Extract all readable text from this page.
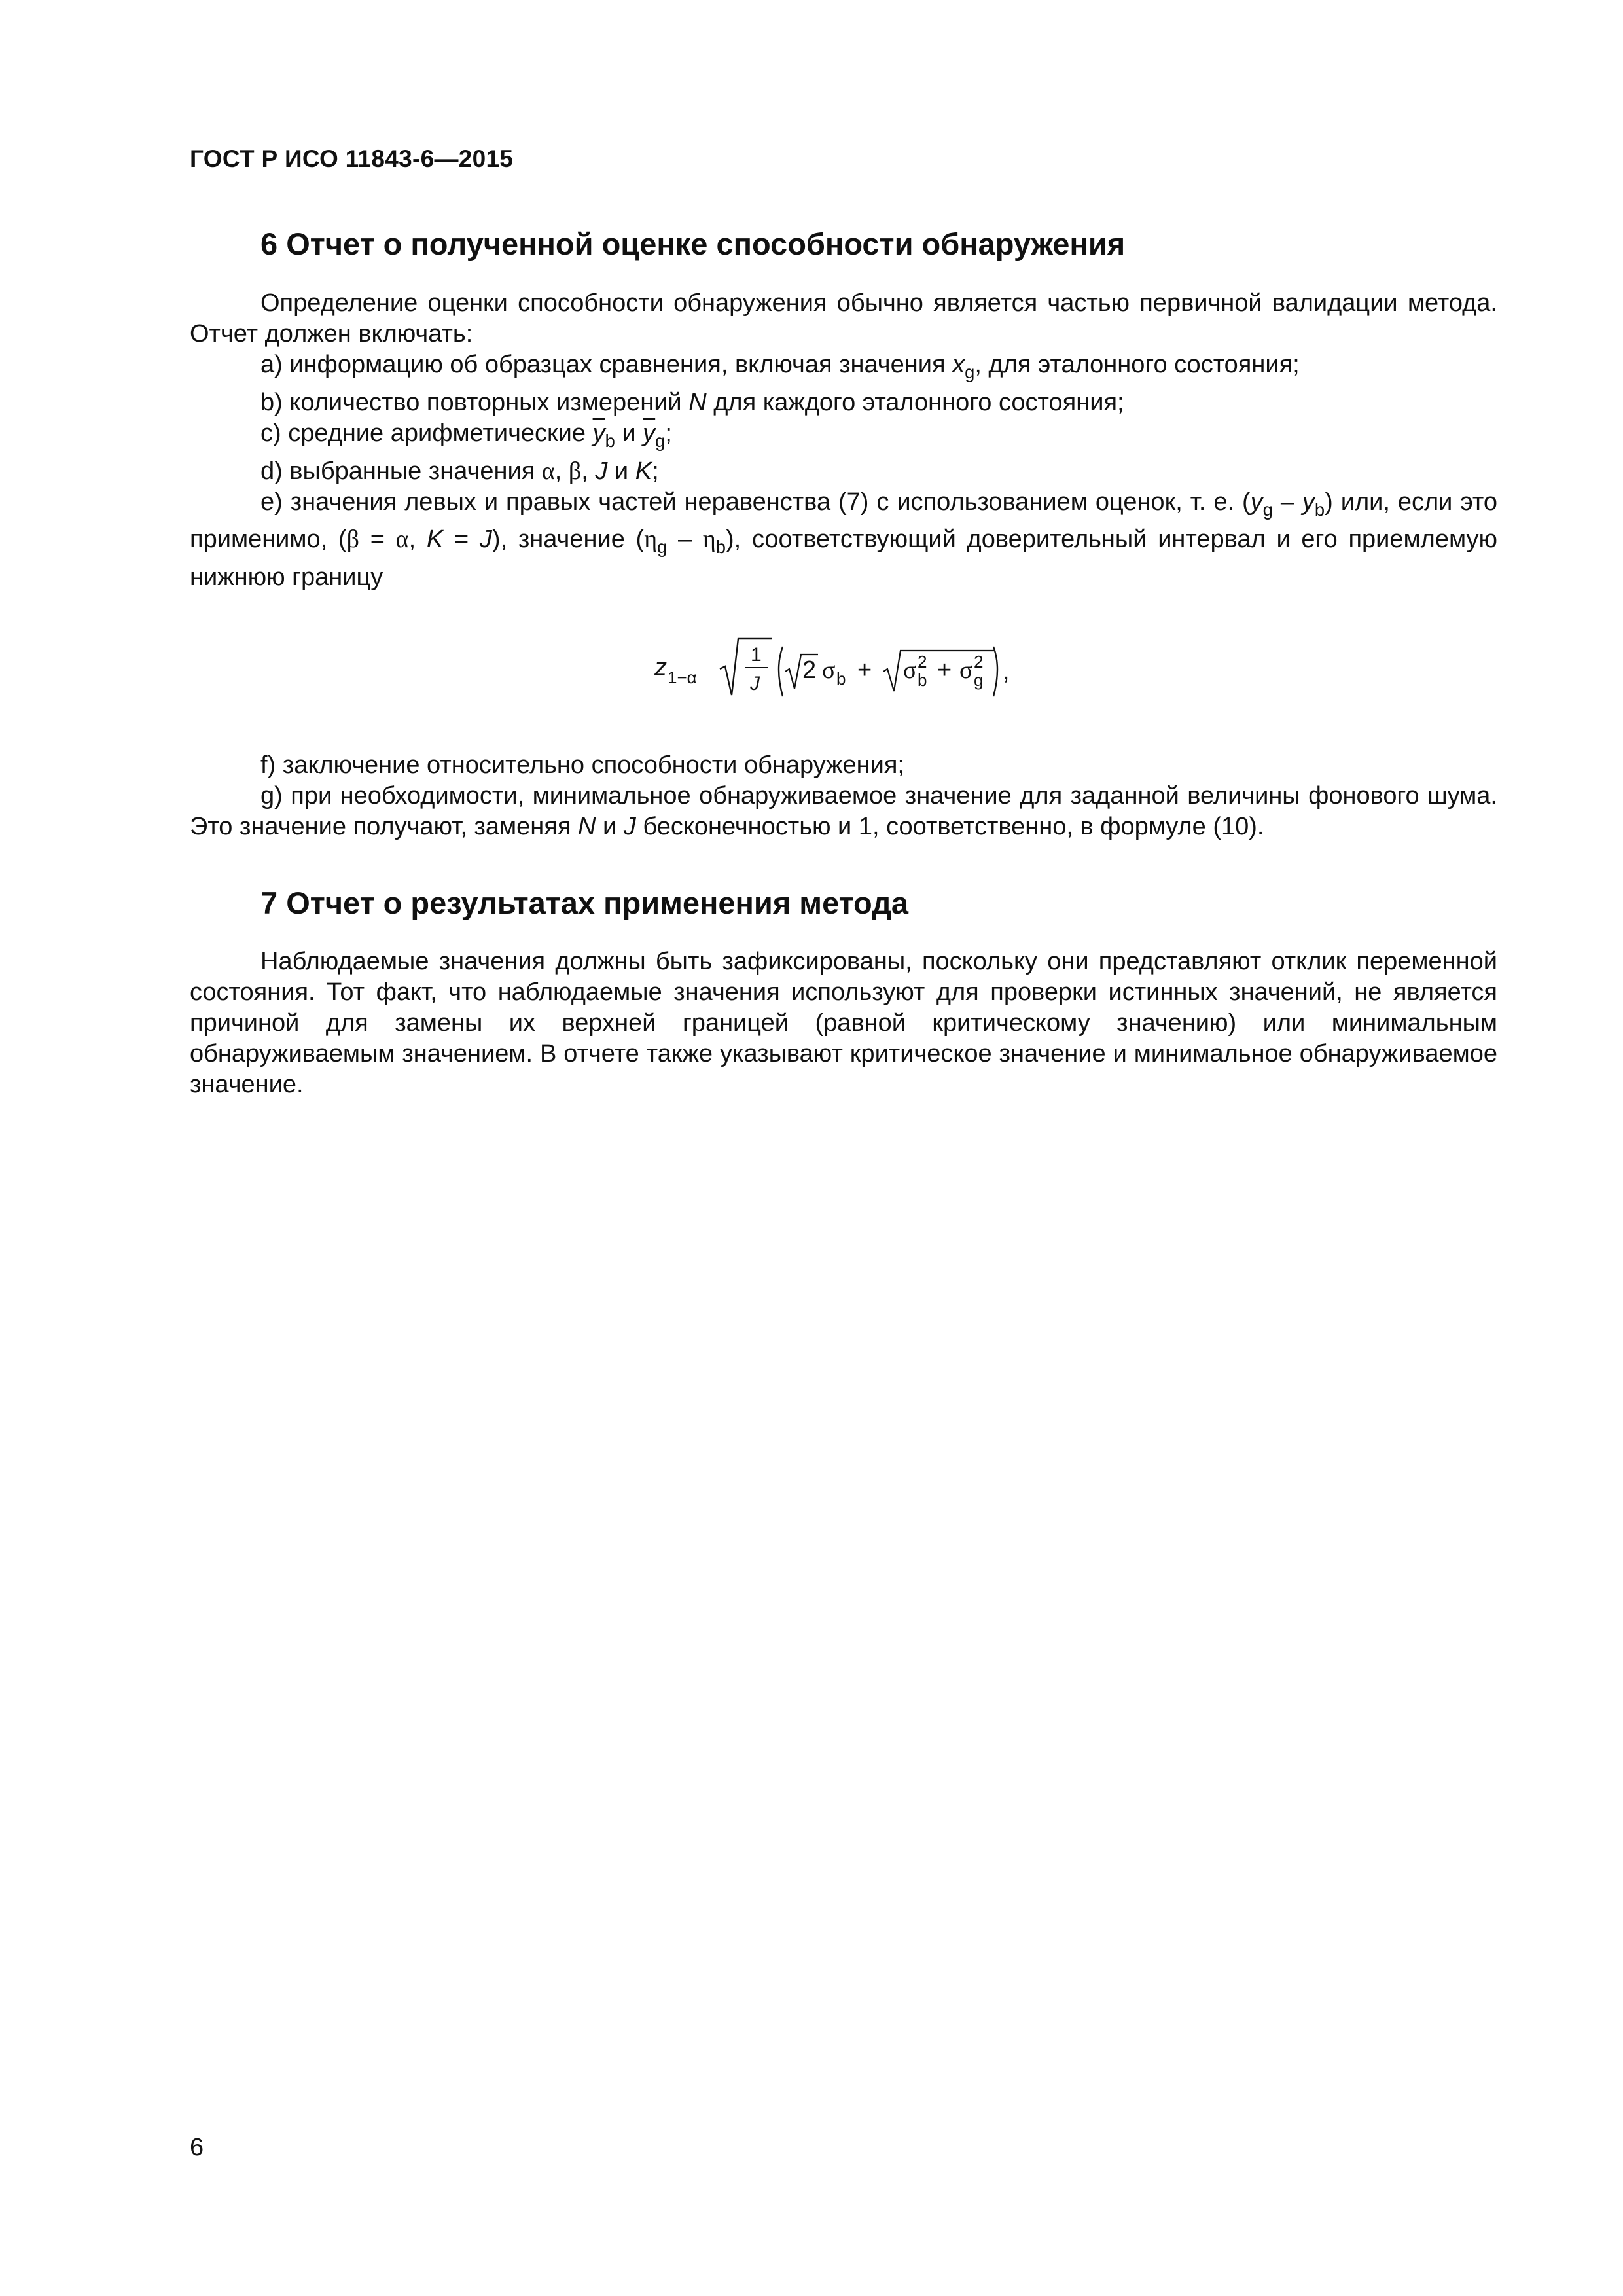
ГОСТ Р ИСО 11843-6—2015
6 Отчет о полученной оценке способности обнаружения

Определение оценки способности обнаружения обычно является частью первичной валидации метода. Отчет должен включать:

a) информацию об образцах сравнения, включая значения $x_g$, для эталонного состояния;

b) количество повторных измерений N для каждого эталонного состояния;

c) средние арифметические $\overline{y}_b$ и $\overline{y}_g$;

d) выбранные значения α, β, J и K;

e) значения левых и правых частей неравенства (7) с использованием оценок, т. е. $(y_g - y_b)$ или, если это применимо, (β = α, K = J), значение $(\eta_g - \eta_b)$, соответствующий доверительный интервал и его приемлемую нижнюю границу

z 1−α
1
J 2 σ b + σ 2
b + σ 2
g ,

f) заключение относительно способности обнаружения;

g) при необходимости, минимальное обнаруживаемое значение для заданной величины фонового шума. Это значение получают, заменяя N и J бесконечностью и 1, соответственно, в формуле (10).

7 Отчет о результатах применения метода

Наблюдаемые значения должны быть зафиксированы, поскольку они представляют отклик переменной состояния. Тот факт, что наблюдаемые значения используют для проверки истинных значений, не является причиной для замены их верхней границей (равной критическому значению) или минимальным обнаруживаемым значением. В отчете также указывают критическое значение и минимальное обнаруживаемое значение.

6
